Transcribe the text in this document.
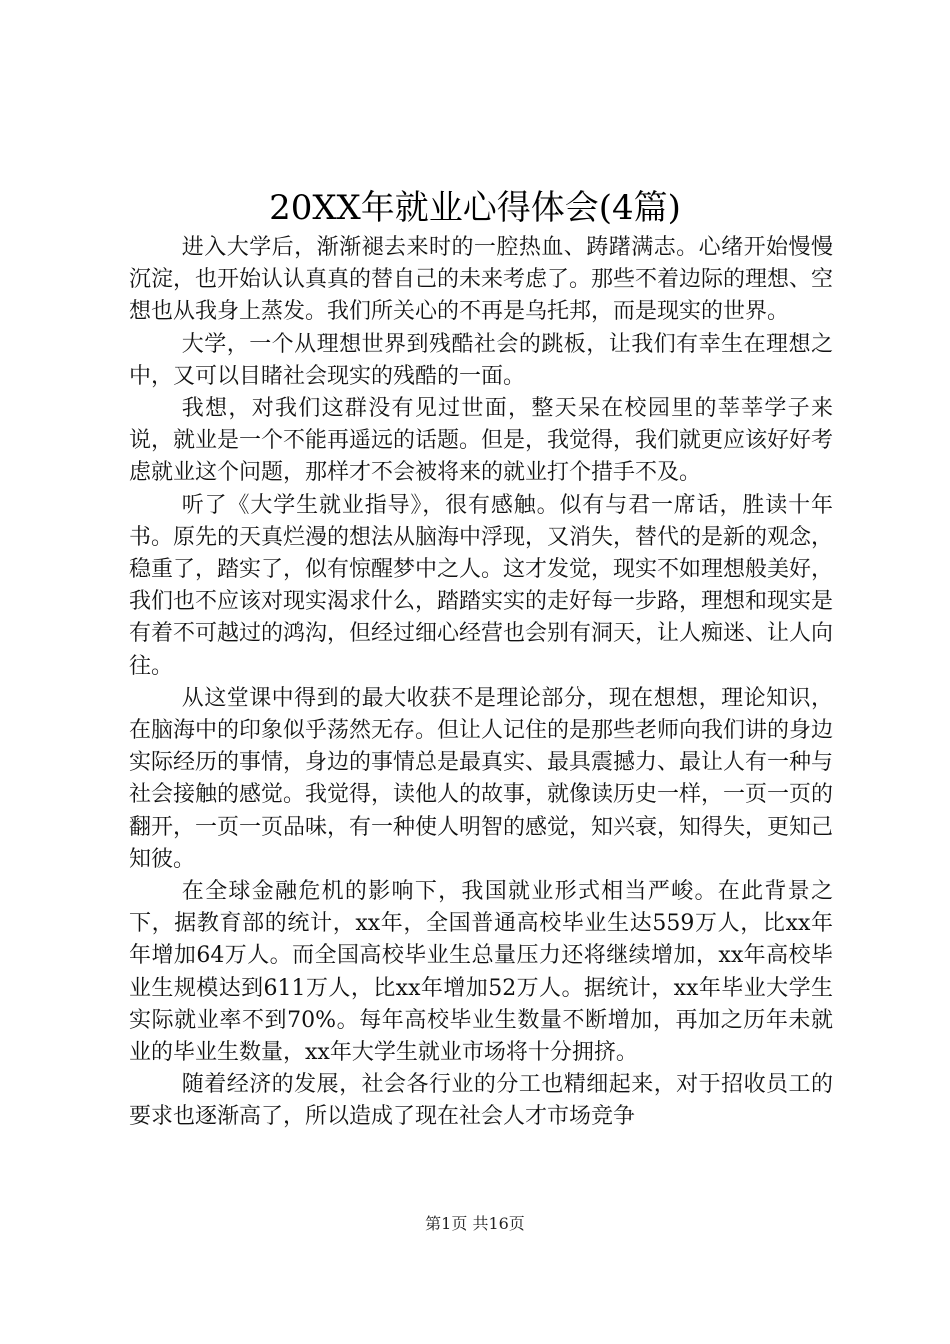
20XX年就业心得体会(4篇)

进入大学后，渐渐褪去来时的一腔热血、踌躇满志。心绪开始慢慢沉淀，也开始认认真真的替自己的未来考虑了。那些不着边际的理想、空想也从我身上蒸发。我们所关心的不再是乌托邦，而是现实的世界。

大学，一个从理想世界到残酷社会的跳板，让我们有幸生在理想之中，又可以目睹社会现实的残酷的一面。

我想，对我们这群没有见过世面，整天呆在校园里的莘莘学子来说，就业是一个不能再遥远的话题。但是，我觉得，我们就更应该好好考虑就业这个问题，那样才不会被将来的就业打个措手不及。

听了《大学生就业指导》，很有感触。似有与君一席话，胜读十年书。原先的天真烂漫的想法从脑海中浮现，又消失，替代的是新的观念，稳重了，踏实了，似有惊醒梦中之人。这才发觉，现实不如理想般美好，我们也不应该对现实渴求什么，踏踏实实的走好每一步路，理想和现实是有着不可越过的鸿沟，但经过细心经营也会别有洞天，让人痴迷、让人向往。

从这堂课中得到的最大收获不是理论部分，现在想想，理论知识，在脑海中的印象似乎荡然无存。但让人记住的是那些老师向我们讲的身边实际经历的事情，身边的事情总是最真实、最具震撼力、最让人有一种与社会接触的感觉。我觉得，读他人的故事，就像读历史一样，一页一页的翻开，一页一页品味，有一种使人明智的感觉，知兴衰，知得失，更知己知彼。

在全球金融危机的影响下，我国就业形式相当严峻。在此背景之下，据教育部的统计，xx年，全国普通高校毕业生达559万人，比xx年年增加64万人。而全国高校毕业生总量压力还将继续增加，xx年高校毕业生规模达到611万人，比xx年增加52万人。据统计，xx年毕业大学生实际就业率不到70%。每年高校毕业生数量不断增加，再加之历年未就业的毕业生数量，xx年大学生就业市场将十分拥挤。

随着经济的发展，社会各行业的分工也精细起来，对于招收员工的要求也逐渐高了，所以造成了现在社会人才市场竞争

第1页 共16页
